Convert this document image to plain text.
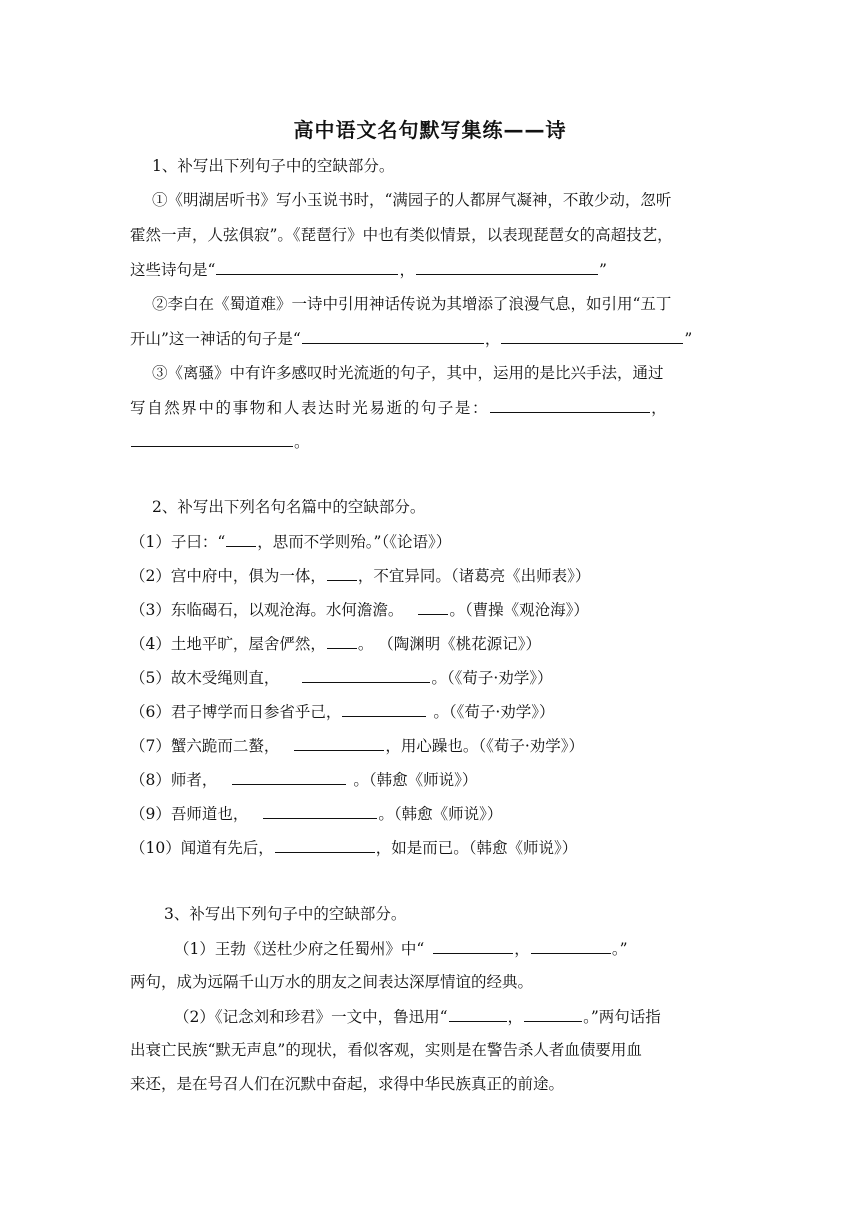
高中语文名句默写集练——诗
1、补写出下列句子中的空缺部分。
①《明湖居听书》写小玉说书时，“满园子的人都屏气凝神，不敢少动，忽听
霍然一声，人弦俱寂”。《琵琶行》中也有类似情景，以表现琵琶女的高超技艺，
这些诗句是“	，	”
②李白在《蜀道难》一诗中引用神话传说为其增添了浪漫气息，如引用“五丁
开山”这一神话的句子是“	，	”
③《离骚》中有许多感叹时光流逝的句子，其中，运用的是比兴手法，通过
写自然界中的事物和人表达时光易逝的句子是：	，
。
2、补写出下列名句名篇中的空缺部分。
（1）子曰：“ ，思而不学则殆。”（《论语》）
（2）宫中府中，俱为一体， ，不宜异同。（诸葛亮《出师表》）
（3）东临碣石，以观沧海。水何澹澹。	。（曹操《观沧海》）
（4）土地平旷，屋舍俨然， 。 （陶渊明《桃花源记》）
（5）故木受绳则直，	。（《荀子·劝学》）
（6）君子博学而日参省乎己，	。（《荀子·劝学》）
（7）蟹六跪而二螯，	，用心躁也。（《荀子·劝学》）
（8）师者，	。（韩愈《师说》）
（9）吾师道也，	。（韩愈《师说》）
（10）闻道有先后，	，如是而已。（韩愈《师说》）
3、补写出下列句子中的空缺部分。
（1）王勃《送杜少府之任蜀州》中“	，	。”
两句，成为远隔千山万水的朋友之间表达深厚情谊的经典。
（2）《记念刘和珍君》一文中，鲁迅用“	，	。”两句话指
出衰亡民族“默无声息”的现状，看似客观，实则是在警告杀人者血债要用血
来还，是在号召人们在沉默中奋起，求得中华民族真正的前途。
